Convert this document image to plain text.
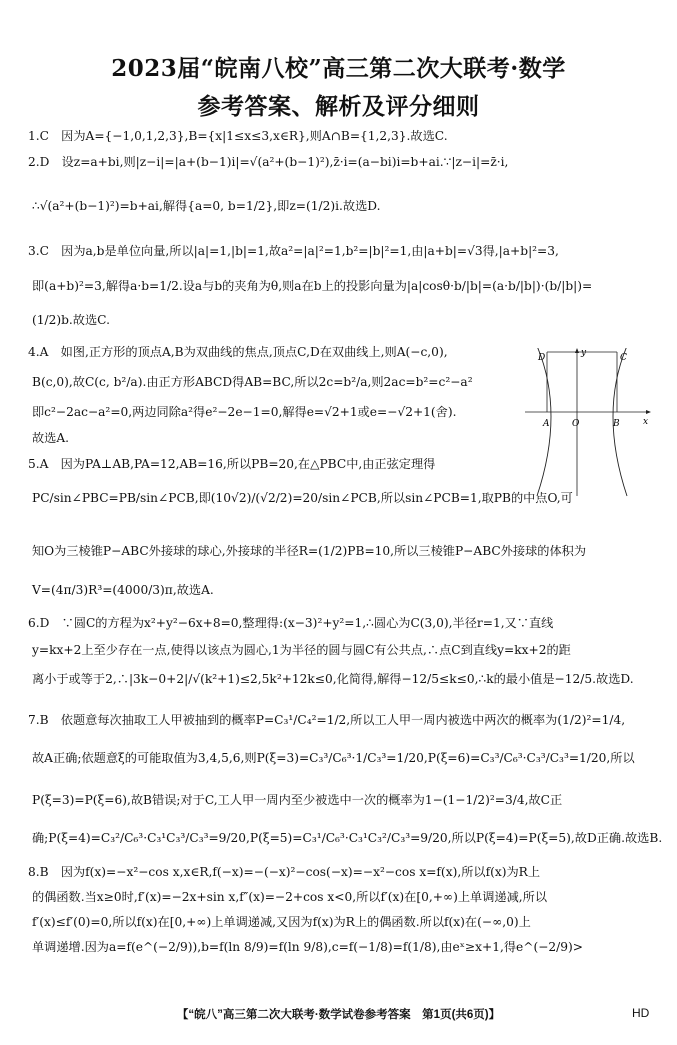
2023届“皖南八校”高三第二次大联考·数学
参考答案、解析及评分细则
1.C　因为A={−1,0,1,2,3},B={x|1≤x≤3,x∈R},则A∩B={1,2,3}.故选C.
2.D　设z=a+bi,则|z−i|=|a+(b−1)i|=√(a²+(b−1)²),z̄·i=(a−bi)i=b+ai.∵|z−i|=z̄·i,
∴√(a²+(b−1)²)=b+ai,解得{a=0, b=1/2},即z=(1/2)i.故选D.
3.C　因为a,b是单位向量,所以|a|=1,|b|=1,故a²=|a|²=1,b²=|b|²=1,由|a+b|=√3得,|a+b|²=3,
即(a+b)²=3,解得a·b=1/2.设a与b的夹角为θ,则a在b上的投影向量为|a|cosθ·b/|b|=(a·b/|b|)·(b/|b|)=
(1/2)b.故选C.
4.A　如图,正方形的顶点A,B为双曲线的焦点,顶点C,D在双曲线上,则A(−c,0),
B(c,0),故C(c, b²/a).由正方形ABCD得AB=BC,所以2c=b²/a,则2ac=b²=c²−a²
即c²−2ac−a²=0,两边同除a²得e²−2e−1=0,解得e=√2+1或e=−√2+1(舍).
故选A.
5.A　因为PA⊥AB,PA=12,AB=16,所以PB=20,在△PBC中,由正弦定理得
PC/sin∠PBC=PB/sin∠PCB,即(10√2)/(√2/2)=20/sin∠PCB,所以sin∠PCB=1,取PB的中点O,可
知O为三棱锥P−ABC外接球的球心,外接球的半径R=(1/2)PB=10,所以三棱锥P−ABC外接球的体积为
V=(4π/3)R³=(4000/3)π,故选A.
6.D　∵圆C的方程为x²+y²−6x+8=0,整理得:(x−3)²+y²=1,∴圆心为C(3,0),半径r=1,又∵直线
y=kx+2上至少存在一点,使得以该点为圆心,1为半径的圆与圆C有公共点,∴点C到直线y=kx+2的距
离小于或等于2,∴|3k−0+2|/√(k²+1)≤2,5k²+12k≤0,化简得,解得−12/5≤k≤0,∴k的最小值是−12/5.故选D.
7.B　依题意每次抽取工人甲被抽到的概率P=C₃¹/C₄²=1/2,所以工人甲一周内被选中两次的概率为(1/2)²=1/4,
故A正确;依题意ξ的可能取值为3,4,5,6,则P(ξ=3)=C₃³/C₆³·1/C₃³=1/20,P(ξ=6)=C₃³/C₆³·C₃³/C₃³=1/20,所以
P(ξ=3)=P(ξ=6),故B错误;对于C,工人甲一周内至少被选中一次的概率为1−(1−1/2)²=3/4,故C正
确;P(ξ=4)=C₃²/C₆³·C₃¹C₃³/C₃³=9/20,P(ξ=5)=C₃¹/C₆³·C₃¹C₃²/C₃³=9/20,所以P(ξ=4)=P(ξ=5),故D正确.故选B.
8.B　因为f(x)=−x²−cos x,x∈R,f(−x)=−(−x)²−cos(−x)=−x²−cos x=f(x),所以f(x)为R上
的偶函数.当x≥0时,f′(x)=−2x+sin x,f″(x)=−2+cos x<0,所以f′(x)在[0,+∞)上单调递减,所以
f′(x)≤f′(0)=0,所以f(x)在[0,+∞)上单调递减,又因为f(x)为R上的偶函数.所以f(x)在(−∞,0)上
单调递增.因为a=f(e^(−2/9)),b=f(ln 8/9)=f(ln 9/8),c=f(−1/8)=f(1/8),由eˣ≥x+1,得e^(−2/9)>
y
x
D	C
A	O	B
【“皖八”高三第二次大联考·数学试卷参考答案　第1页(共6页)】	HD
